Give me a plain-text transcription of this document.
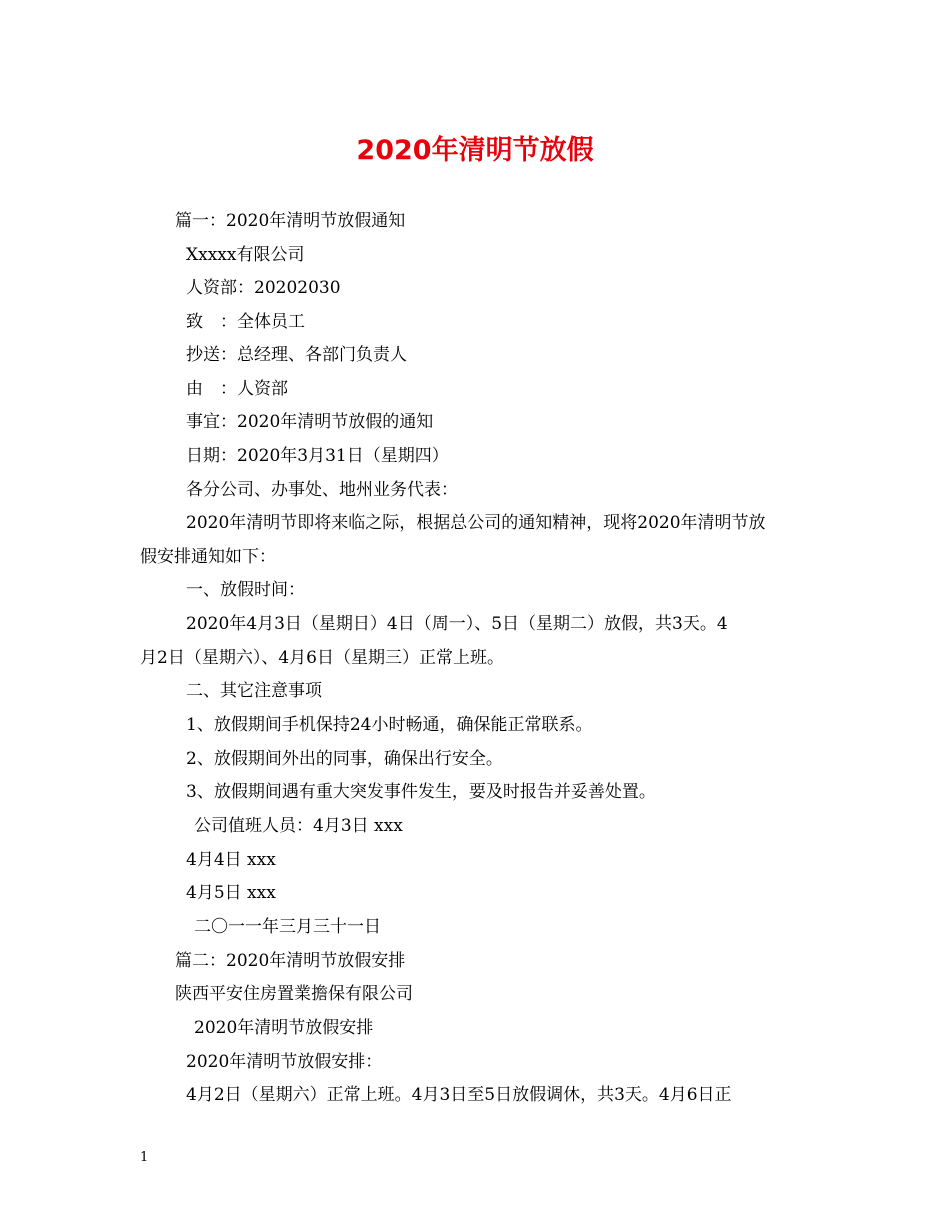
2020年清明节放假
篇一：2020年清明节放假通知
Xxxxx有限公司
人资部：20202030
致　：全体员工
抄送：总经理、各部门负责人
由　：人资部
事宜：2020年清明节放假的通知
日期：2020年3月31日（星期四）
各分公司、办事处、地州业务代表：
2020年清明节即将来临之际，根据总公司的通知精神，现将2020年清明节放
假安排通知如下：
一、放假时间：
2020年4月3日（星期日）4日（周一）、5日（星期二）放假，共3天。4
月2日（星期六）、4月6日（星期三）正常上班。
二、其它注意事项
1、放假期间手机保持24小时畅通，确保能正常联系。
2、放假期间外出的同事，确保出行安全。
3、放假期间遇有重大突发事件发生，要及时报告并妥善处置。
公司值班人员：4月3日 xxx
4月4日 xxx
4月5日 xxx
二〇一一年三月三十一日
篇二：2020年清明节放假安排
陕西平安住房置業擔保有限公司
2020年清明节放假安排
2020年清明节放假安排：
4月2日（星期六）正常上班。4月3日至5日放假调休，共3天。4月6日正
1
